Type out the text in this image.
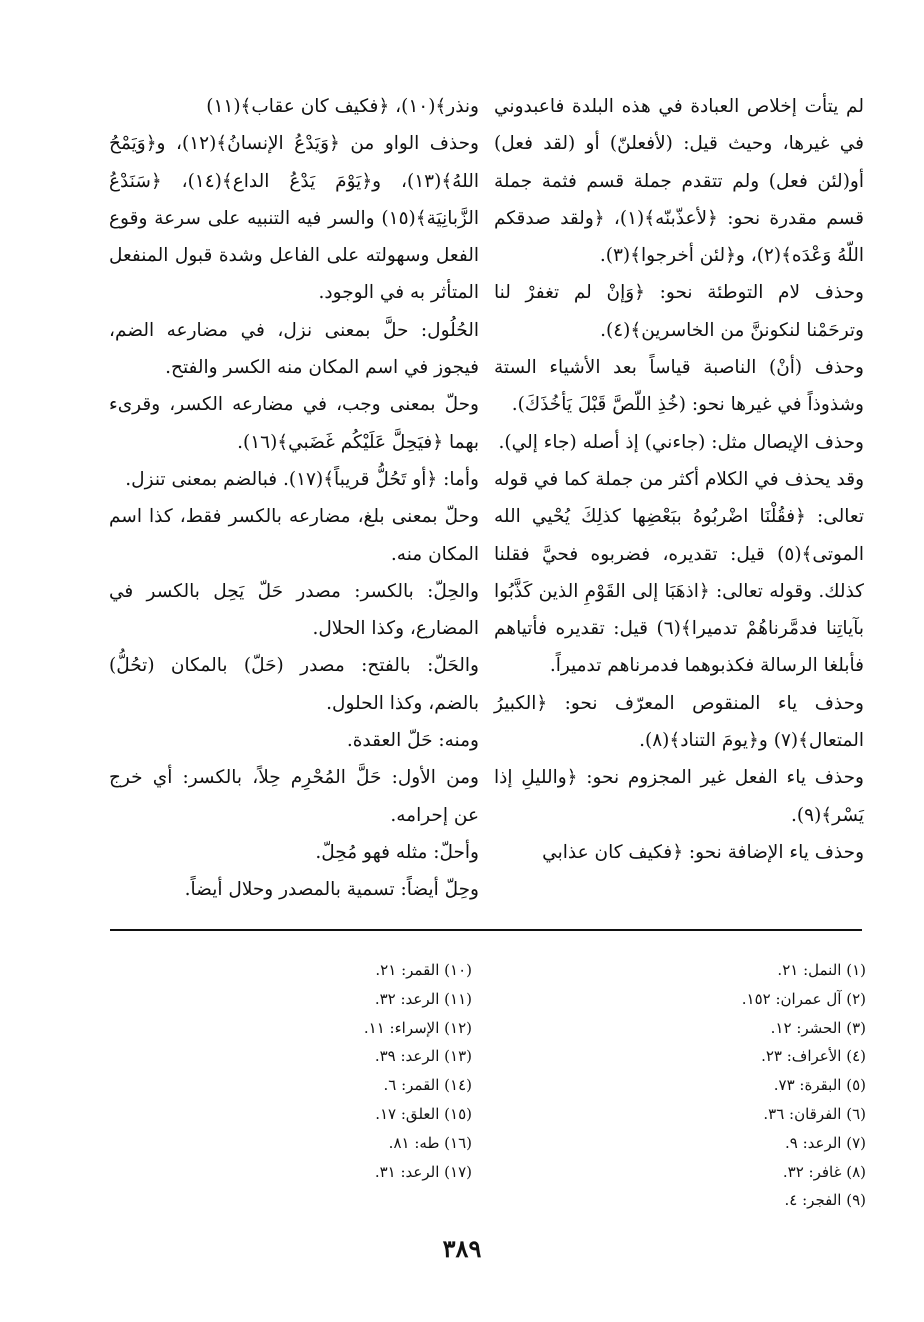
لم يتأت إخلاص العبادة في هذه البلدة فاعبدوني في غيرها، وحيث قيل: (لأفعلنّ) أو (لقد فعل) أو(لئن فعل) ولم تتقدم جملة قسم فثمة جملة قسم مقدرة نحو: ﴿لأعذّبنّه﴾(١)، ﴿ولقد صدقكم اللّهُ وَعْدَه﴾(٢)، و﴿لئن أخرجوا﴾(٣).

وحذف لام التوطئة نحو: ﴿وَإنْ لم تغفرْ لنا وترحَمْنا لنكوننَّ من الخاسرين﴾(٤).

وحذف (أنْ) الناصبة قياساً بعد الأشياء الستة وشذوذاً في غيرها نحو: (خُذِ اللّصَّ قَبْلَ يَأخُذَكَ).

وحذف الإيصال مثل: (جاءني) إذ أصله (جاء إلي).

وقد يحذف في الكلام أكثر من جملة كما في قوله تعالى: ﴿فقُلْنَا اضْربُوهُ ببَعْضِها كذلِكَ يُحْيي الله الموتى﴾(٥) قيل: تقديره، فضربوه فحيَّ فقلنا كذلك. وقوله تعالى: ﴿اذهَبَا إلى القَوْمِ الذين كَذَّبُوا بآياتِنا فدمَّرناهُمْ تدميرا﴾(٦) قيل: تقديره فأتياهم فأبلغا الرسالة فكذبوهما فدمرناهم تدميراً.

وحذف ياء المنقوص المعرّف نحو: ﴿الكبيرُ المتعال﴾(٧) و﴿يومَ التناد﴾(٨).

وحذف ياء الفعل غير المجزوم نحو: ﴿والليلِ إذا يَسْر﴾(٩).

وحذف ياء الإضافة نحو: ﴿فكيف كان عذابي

ونذر﴾(١٠)، ﴿فكيف كان عقاب﴾(١١)

وحذف الواو من ﴿وَيَدْعُ الإنسانُ﴾(١٢)، و﴿وَيَمْحُ اللهُ﴾(١٣)، و﴿يَوْمَ يَدْعُ الداع﴾(١٤)، ﴿سَنَدْعُ الزَّبانِيَة﴾(١٥) والسر فيه التنبيه على سرعة وقوع الفعل وسهولته على الفاعل وشدة قبول المنفعل المتأثر به في الوجود.

الحُلُول: حلَّ بمعنى نزل، في مضارعه الضم، فيجوز في اسم المكان منه الكسر والفتح.

وحلّ بمعنى وجب، في مضارعه الكسر، وقرىء بهما ﴿فيَحِلَّ عَلَيْكُم غَضَبي﴾(١٦).

وأما: ﴿أو تَحُلُّ قريباً﴾(١٧). فبالضم بمعنى تنزل.

وحلّ بمعنى بلغ، مضارعه بالكسر فقط، كذا اسم المكان منه.

والحِلّ: بالكسر: مصدر حَلّ يَحِل بالكسر في المضارع، وكذا الحلال.

والحَلّ: بالفتح: مصدر (حَلّ) بالمكان (تحُلُّ) بالضم، وكذا الحلول.

ومنه: حَلّ العقدة.

ومن الأول: حَلَّ المُحْرِم حِلاً، بالكسر: أي خرج عن إحرامه.

وأحلّ: مثله فهو مُحِلّ.

وحِلّ أيضاً: تسمية بالمصدر وحلال أيضاً.

(١) النمل: ٢١.

(٢) آل عمران: ١٥٢.

(٣) الحشر: ١٢.

(٤) الأعراف: ٢٣.

(٥) البقرة: ٧٣.

(٦) الفرقان: ٣٦.

(٧) الرعد: ٩.

(٨) غافر: ٣٢.

(٩) الفجر: ٤.

(١٠) القمر: ٢١.

(١١) الرعد: ٣٢.

(١٢) الإسراء: ١١.

(١٣) الرعد: ٣٩.

(١٤) القمر: ٦.

(١٥) العلق: ١٧.

(١٦) طه: ٨١.

(١٧) الرعد: ٣١.

٣٨٩
